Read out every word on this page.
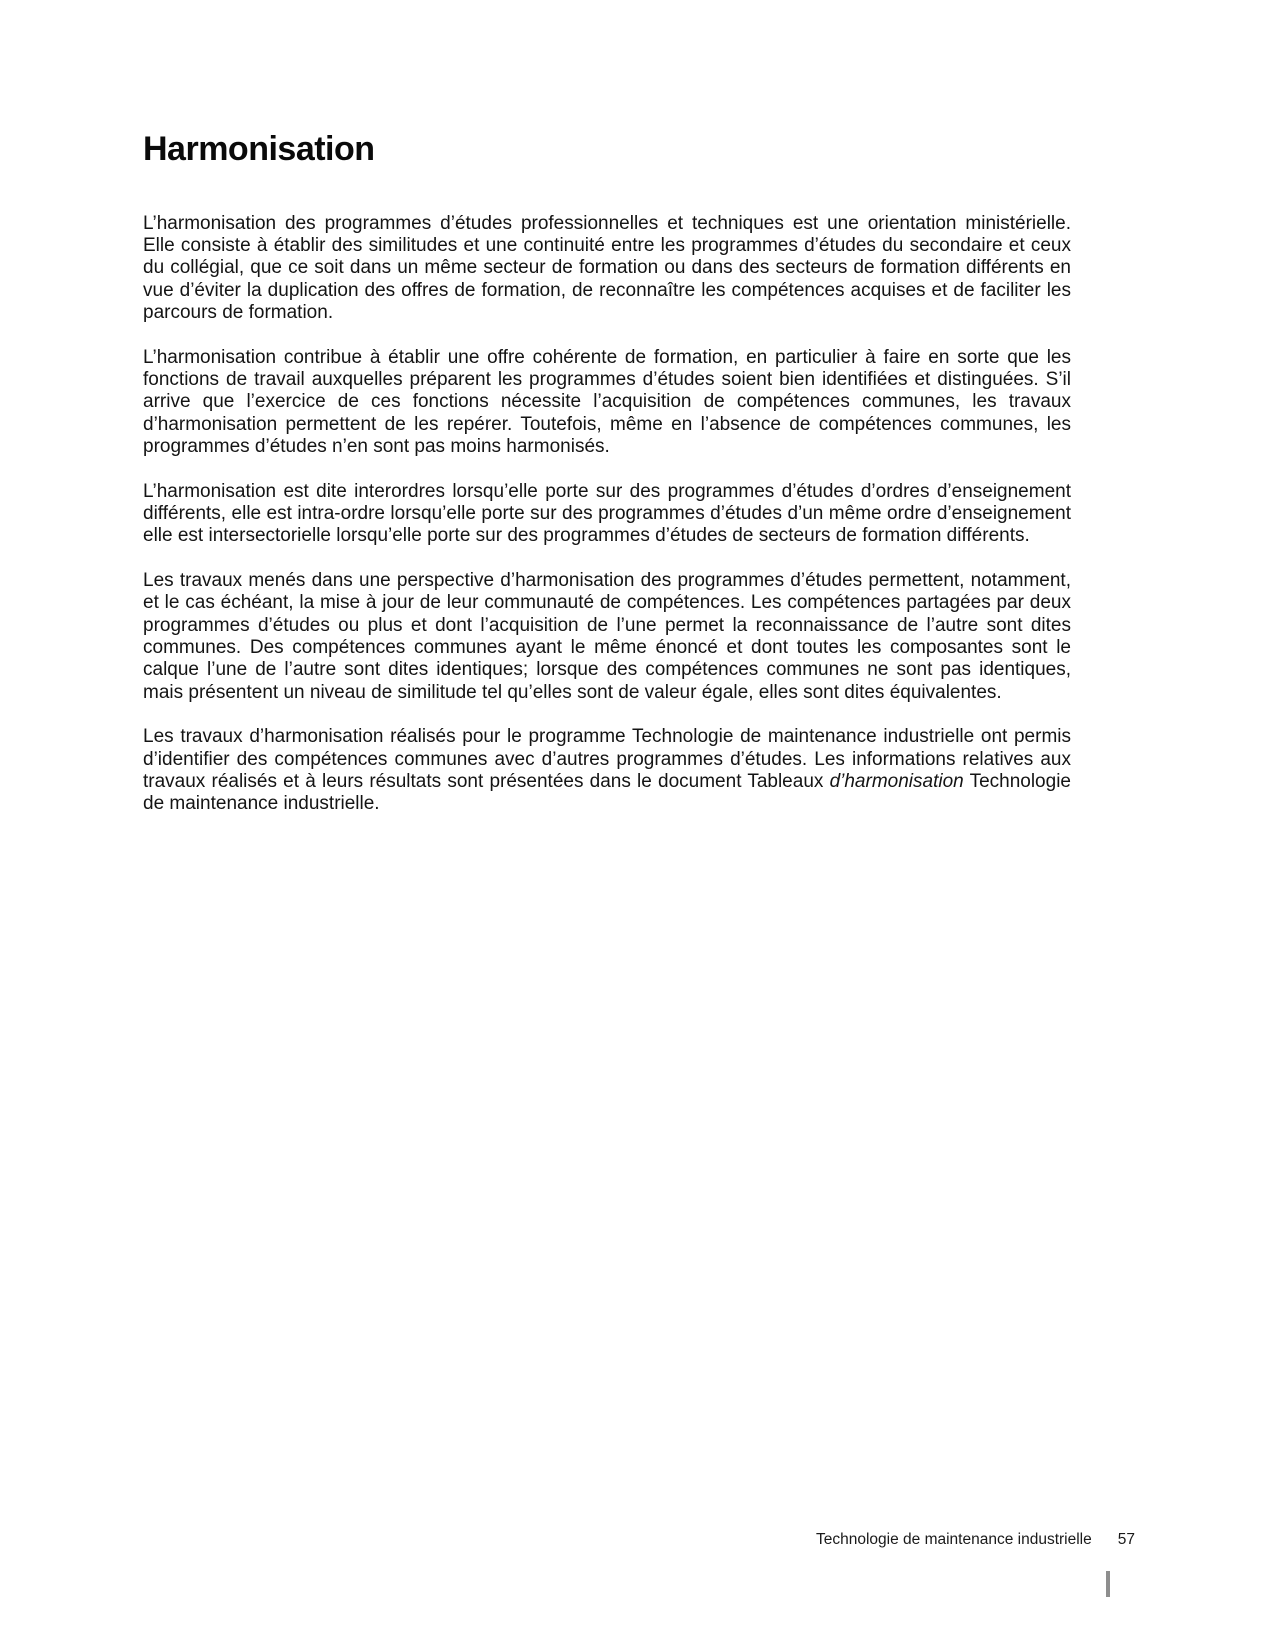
Harmonisation

L’harmonisation des programmes d’études professionnelles et techniques est une orientation ministérielle. Elle consiste à établir des similitudes et une continuité entre les programmes d’études du secondaire et ceux du collégial, que ce soit dans un même secteur de formation ou dans des secteurs de formation différents en vue d’éviter la duplication des offres de formation, de reconnaître les compétences acquises et de faciliter les parcours de formation.

L’harmonisation contribue à établir une offre cohérente de formation, en particulier à faire en sorte que les fonctions de travail auxquelles préparent les programmes d’études soient bien identifiées et distinguées. S’il arrive que l’exercice de ces fonctions nécessite l’acquisition de compétences communes, les travaux d’harmonisation permettent de les repérer. Toutefois, même en l’absence de compétences communes, les programmes d’études n’en sont pas moins harmonisés.

L’harmonisation est dite interordres lorsqu’elle porte sur des programmes d’études d’ordres d’enseignement différents, elle est intra-ordre lorsqu’elle porte sur des programmes d’études d’un même ordre d’enseignement elle est intersectorielle lorsqu’elle porte sur des programmes d’études de secteurs de formation différents.

Les travaux menés dans une perspective d’harmonisation des programmes d’études permettent, notamment, et le cas échéant, la mise à jour de leur communauté de compétences. Les compétences partagées par deux programmes d’études ou plus et dont l’acquisition de l’une permet la reconnaissance de l’autre sont dites communes. Des compétences communes ayant le même énoncé et dont toutes les composantes sont le calque l’une de l’autre sont dites identiques; lorsque des compétences communes ne sont pas identiques, mais présentent un niveau de similitude tel qu’elles sont de valeur égale, elles sont dites équivalentes.

Les travaux d’harmonisation réalisés pour le programme Technologie de maintenance industrielle ont permis d’identifier des compétences communes avec d’autres programmes d’études. Les informations relatives aux travaux réalisés et à leurs résultats sont présentées dans le document Tableaux d’harmonisation Technologie de maintenance industrielle.

Technologie de maintenance industrielle 57
